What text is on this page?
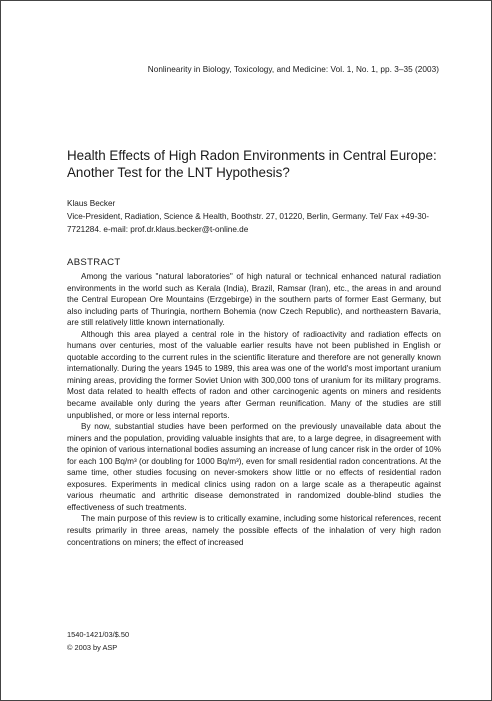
Nonlinearity in Biology, Toxicology, and Medicine: Vol. 1, No. 1, pp. 3–35 (2003)
Health Effects of High Radon Environments in Central Europe: Another Test for the LNT Hypothesis?
Klaus Becker
Vice-President, Radiation, Science & Health, Boothstr. 27, 01220, Berlin, Germany. Tel/ Fax +49-30-7721284. e-mail: prof.dr.klaus.becker@t-online.de
ABSTRACT

Among the various "natural laboratories" of high natural or technical enhanced natural radiation environments in the world such as Kerala (India), Brazil, Ramsar (Iran), etc., the areas in and around the Central European Ore Mountains (Erzgebirge) in the southern parts of former East Germany, but also including parts of Thuringia, northern Bohemia (now Czech Republic), and northeastern Bavaria, are still relatively little known internationally.

Although this area played a central role in the history of radioactivity and radiation effects on humans over centuries, most of the valuable earlier results have not been published in English or quotable according to the current rules in the scientific literature and therefore are not generally known internationally. During the years 1945 to 1989, this area was one of the world's most important uranium mining areas, providing the former Soviet Union with 300,000 tons of uranium for its military programs. Most data related to health effects of radon and other carcinogenic agents on miners and residents became available only during the years after German reunification. Many of the studies are still unpublished, or more or less internal reports.

By now, substantial studies have been performed on the previously unavailable data about the miners and the population, providing valuable insights that are, to a large degree, in disagreement with the opinion of various international bodies assuming an increase of lung cancer risk in the order of 10% for each 100 Bq/m³ (or doubling for 1000 Bq/m³), even for small residential radon concentrations. At the same time, other studies focusing on never-smokers show little or no effects of residential radon exposures. Experiments in medical clinics using radon on a large scale as a therapeutic against various rheumatic and arthritic disease demonstrated in randomized double-blind studies the effectiveness of such treatments.

The main purpose of this review is to critically examine, including some historical references, recent results primarily in three areas, namely the possible effects of the inhalation of very high radon concentrations on miners; the effect of increased

1540-1421/03/$.50
© 2003 by ASP
